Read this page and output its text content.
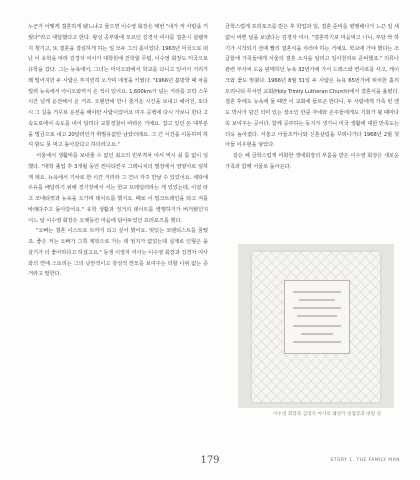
누군가 어떻게 결혼하게 됐느냐고 물으면 이수영 회장은 매번 "내가 저 사람을 키웠다"라고 대답했다고 한다. 왕성 공부밖에 모르던 김경자 여사를 결혼시 설렐까지 챙기고, 또 결혼을 결심하게 하는 일 모두 그의 몫이었다. 1963년 미국으로 떠난 이 유학을 따라 김경자 여사가 대학원에 진학할 무렵, 이수영 회장도 미국으로 유학을 갔다. 그는 뉴욕에서, 그녀는 미이오와에서 학교를 다니고 있어서 거리가 꽤 떨어지만 두 사람은 부지런히 오가며 애정을 키웠다. "1966년 봄방학 때 차를 빌려 뉴욕에서 아이오와까지 온 적이 있어요. 1,600km가 넘는 거리를 꼬박 스무 시간 넘게 운전해서 온 거죠. 오랜만에 만나 즐거운 시간을 보내고 헤어진, 또다시 그 길을 거꾸로 운전을 해야만 사람이었어요 미주 공백에 다시 가보니 한다 고속도로에서 속도를 내어 달리다 교통경찰이 따라온 거예요. 잡고 있던 돈 대부분을 벌금으로 내고 20달러인가 휘발유값만 남았더래요. 그 긴 시간을 이동하며 하셔 밤도 못 먹고 돌아갔다고 하더라고요."

서울에서 생활비를 보내줄 수 없던 최고의 빈부격차 여서 역시 쉴 틈 없이 일했다. "대학 졸업 후 3개월 동안 컨디티칸주 그레니치의 별장에서 영양사로 일하게 돼요. 뉴욕에서 기차로 한 시간 거리라 그 건너 자주 만날 수 있었어요. 세탁에 우유를 배달하기 위해 경기장에서 서는 한교 트레일러라는 게 있었는데, 이걸 타고 코네티컷과 뉴욕을 오가며 데이트를 했지요. 때로 이 밀크트레인을 타고 저를 바래다주고 돌아갔어요." 유학 생활과 정거의 데이트를 병행하기가 버거웠던지 어느 날 이수영 회장은 오랫동안 마음에 담아두었던 프러포즈를 했다.

"오빠는 결혼 이스트로 트까지 되고 싶어 했어요. 멋있는 코렌티스트를 꿈꿨죠. 좋은 저는 오빠가 그쪽 제멋으로 가는 데 엄지가 없었는데 실제로 인형은 을 살기가 더 좋아하다고 하셨고요." 동생 이정자 여사는 이수영 회장과 김경자 여사와의 연애 스토리는 그의 낭만적이고 감성적 면모를 보여주는 더할 나위 없는 증거라고 말한다.

금학스럽게 프러포즈를 받은 후 학업과 일, 결혼 준비를 병행해나가 느끈 일 세 없이 바쁜 날을 보냈다는 김경자 여사. "결혼하기로 마음먹고 나니, 부담 싹 하기가 시작되기 전에 빨리 결혼식을 치러야 하는 거예요. 학교에 가야 했다는 조급함에 가족들에게 서울의 결혼 소식을 알리고 일사천리로 준비했죠." 의류나 관련 부자씨 도움 판매하던 뉴욕 32번가에 가서 드레스와 면사포를 사고, 케이크와 꽃도 맞췄다. 1966년 8월 31일 두 사람은 뉴욕 65번가에 위치한 홀리 트리니티 루서런 교회(Holy Trinity Lutheran Church)에서 결혼식을 올렸다. 결혼 후에도 뉴욕에 둘 때면 이 교회에 들르곤 한다니, 두 사람에게 가족 된 엔도 박사가 담긴 의미 있는 장소인 만큼 자네와 손주들에게도 기회가 될 때마다 꼭 보여주는 곳이다. 함께 공부하는 동지가 생기니 미국 생활에 대한 만족도는 더욱 높아졌다. 서울고 아들조카나와 신혼살림을 꾸려나가다 1968년 2월 첫아들 이우현을 낳았다.

같은 해 금학스럽게 미화한 생애회장의 부름을 받은 이수영 회장은 새로운 가족과 함께 서울로 돌아온다.

이수영 회장과 김경자 여사의 웨딩카 청첩장과 대원 성
179	STORY 1. THE FAMILY MAN
